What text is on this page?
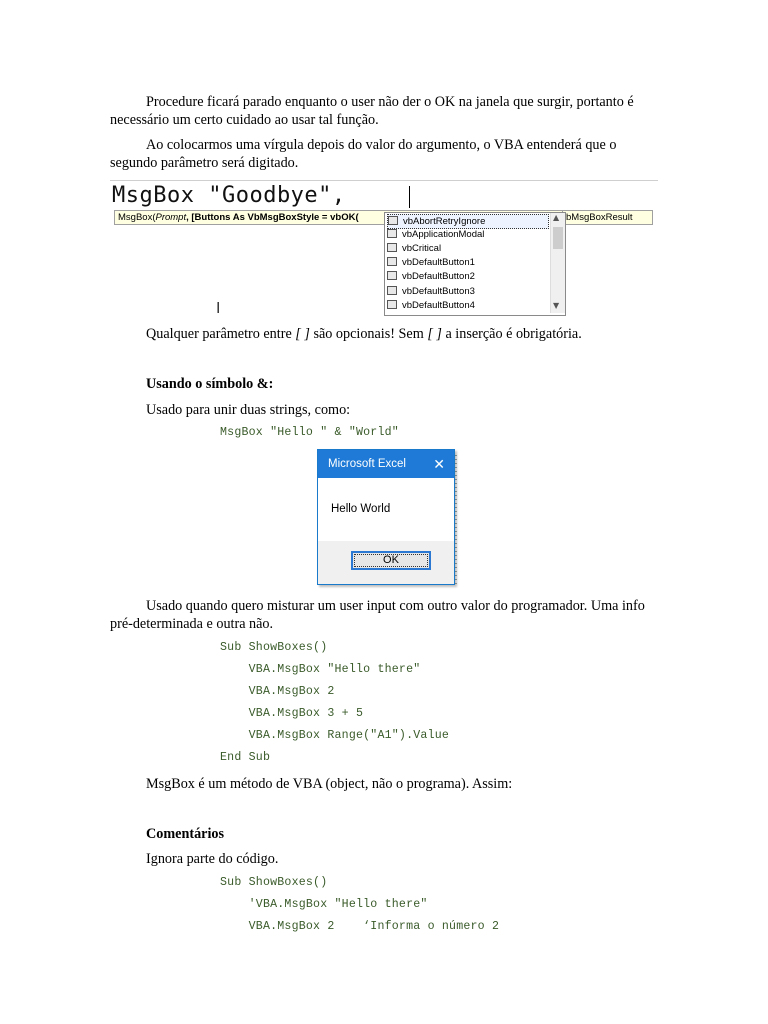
Procedure ficará parado enquanto o user não der o OK na janela que surgir, portanto é necessário um certo cuidado ao usar tal função.

Ao colocarmos uma vírgula depois do valor do argumento, o VBA entenderá que o segundo parâmetro será digitado.

MsgBox "Goodbye",
MsgBox(Prompt, [Buttons As VbMsgBoxStyle = vbOK(	bMsgBoxResult
vbAbortRetryIgnore
vbApplicationModal
vbCritical
vbDefaultButton1
vbDefaultButton2
vbDefaultButton3
vbDefaultButton4
▲
▼
I

Qualquer parâmetro entre [ ] são opcionais! Sem [ ] a inserção é obrigatória.

Usando o símbolo &:

Usado para unir duas strings, como:

MsgBox "Hello " & "World"
Microsoft Excel ✕
Hello World
OK

Usado quando quero misturar um user input com outro valor do programador. Uma info pré-determinada e outra não.

Sub ShowBoxes()
VBA.MsgBox "Hello there"
VBA.MsgBox 2
VBA.MsgBox 3 + 5
VBA.MsgBox Range("A1").Value
End Sub

MsgBox é um método de VBA (object, não o programa). Assim:

Comentários

Ignora parte do código.

Sub ShowBoxes()
'VBA.MsgBox "Hello there"
VBA.MsgBox 2    ‘Informa o número 2
